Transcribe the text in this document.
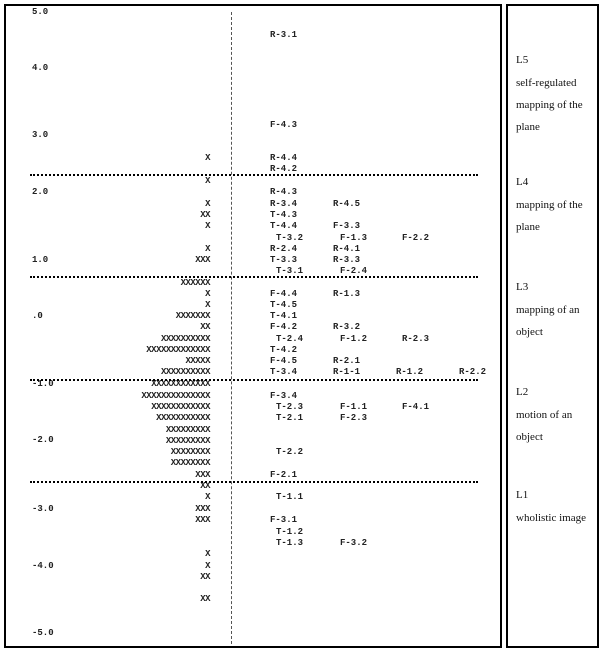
5.0
4.0
3.0
2.0
1.0
.0
-1.0
-2.0
-3.0
-4.0
-5.0
X
X
X
XX
X
X
XXX
XXXXXX
X
X
XXXXXXX
XX
XXXXXXXXXX
XXXXXXXXXXXXX
XXXXX
XXXXXXXXXX
XXXXXXXXXXXX
XXXXXXXXXXXXXX
XXXXXXXXXXXX
XXXXXXXXXXX
XXXXXXXXX
XXXXXXXXX
XXXXXXXX
XXXXXXXX
XXX
XX
X
XXX
XXX
X
X
XX
XX
R-3.1
F-4.3
R-4.4
R-4.2
R-4.3
R-3.4	R-4.5
T-4.3
T-4.4	F-3.3
T-3.2	F-1.3	F-2.2
R-2.4	R-4.1
T-3.3	R-3.3
T-3.1	F-2.4
F-4.4	R-1.3
T-4.5
T-4.1
F-4.2	R-3.2
T-2.4	F-1.2	R-2.3
T-4.2
F-4.5	R-2.1
T-3.4	R-1-1	R-1.2	R-2.2
F-3.4
T-2.3	F-1.1	F-4.1
T-2.1	F-2.3
T-2.2
F-2.1
T-1.1
F-3.1
T-1.2
T-1.3	F-3.2
L5
self-regulated mapping of the plane
L4
mapping of the plane
L3
mapping of an object
L2
motion of an object
L1
wholistic image
